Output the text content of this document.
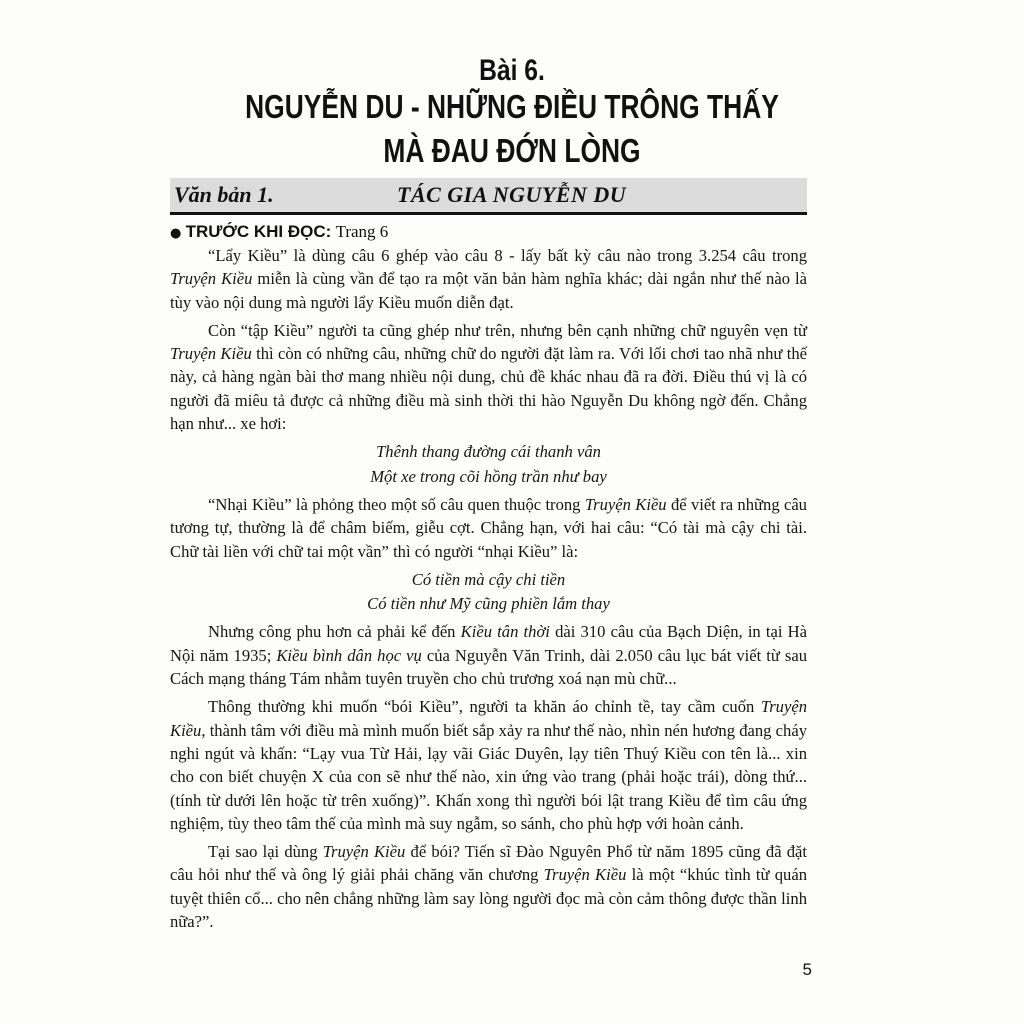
Bài 6.
NGUYỄN DU - NHỮNG ĐIỀU TRÔNG THẤY
MÀ ĐAU ĐỚN LÒNG
Văn bản 1.	TÁC GIA NGUYỄN DU
● TRƯỚC KHI ĐỌC: Trang 6

“Lẩy Kiều” là dùng câu 6 ghép vào câu 8 - lấy bất kỳ câu nào trong 3.254 câu trong Truyện Kiều miễn là cùng vần để tạo ra một văn bản hàm nghĩa khác; dài ngắn như thế nào là tùy vào nội dung mà người lẩy Kiều muốn diễn đạt.

Còn “tập Kiều” người ta cũng ghép như trên, nhưng bên cạnh những chữ nguyên vẹn từ Truyện Kiều thì còn có những câu, những chữ do người đặt làm ra. Với lối chơi tao nhã như thế này, cả hàng ngàn bài thơ mang nhiều nội dung, chủ đề khác nhau đã ra đời. Điều thú vị là có người đã miêu tả được cả những điều mà sinh thời thi hào Nguyễn Du không ngờ đến. Chẳng hạn như... xe hơi:

Thênh thang đường cái thanh vân

Một xe trong cõi hồng trần như bay

“Nhại Kiều” là phỏng theo một số câu quen thuộc trong Truyện Kiều để viết ra những câu tương tự, thường là để châm biếm, giễu cợt. Chẳng hạn, với hai câu: “Có tài mà cậy chi tài. Chữ tài liền với chữ tai một vần” thì có người “nhại Kiều” là:

Có tiền mà cậy chi tiền

Có tiền như Mỹ cũng phiền lắm thay

Nhưng công phu hơn cả phải kể đến Kiều tân thời dài 310 câu của Bạch Diện, in tại Hà Nội năm 1935; Kiều bình dân học vụ của Nguyễn Văn Trinh, dài 2.050 câu lục bát viết từ sau Cách mạng tháng Tám nhằm tuyên truyền cho chủ trương xoá nạn mù chữ...

Thông thường khi muốn “bói Kiều”, người ta khăn áo chỉnh tề, tay cầm cuốn Truyện Kiều, thành tâm với điều mà mình muốn biết sắp xảy ra như thế nào, nhìn nén hương đang cháy nghi ngút và khấn: “Lạy vua Từ Hải, lạy vãi Giác Duyên, lạy tiên Thuý Kiều con tên là... xin cho con biết chuyện X của con sẽ như thế nào, xin ứng vào trang (phải hoặc trái), dòng thứ... (tính từ dưới lên hoặc từ trên xuống)”. Khấn xong thì người bói lật trang Kiều để tìm câu ứng nghiệm, tùy theo tâm thế của mình mà suy ngẫm, so sánh, cho phù hợp với hoàn cảnh.

Tại sao lại dùng Truyện Kiều để bói? Tiến sĩ Đào Nguyên Phổ từ năm 1895 cũng đã đặt câu hỏi như thế và ông lý giải phải chăng văn chương Truyện Kiều là một “khúc tình từ quán tuyệt thiên cổ... cho nên chẳng những làm say lòng người đọc mà còn cảm thông được thần linh nữa?”.

5
